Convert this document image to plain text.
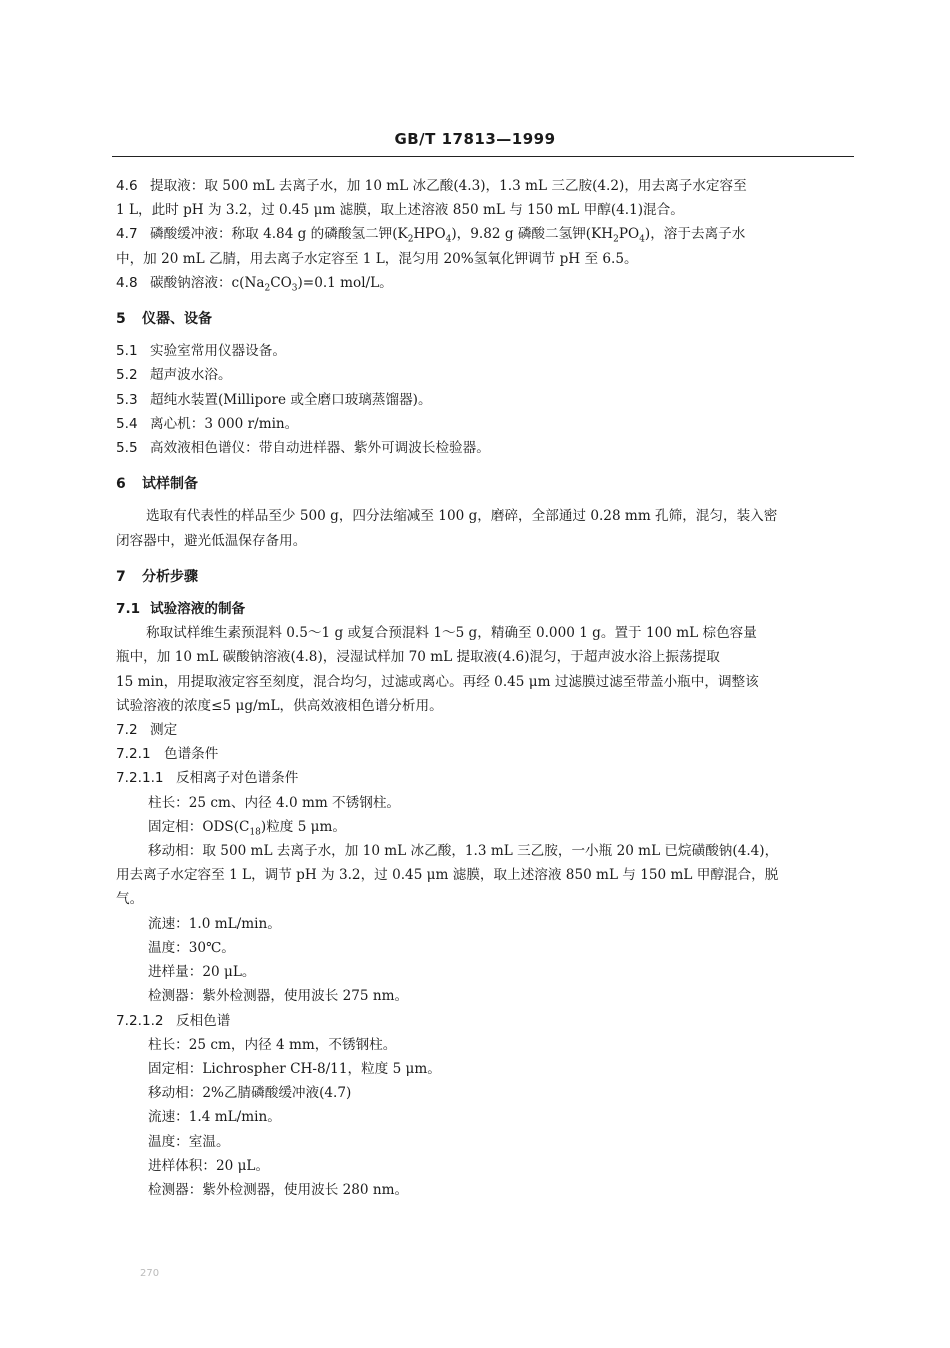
GB/T 17813—1999

4.6 提取液：取 500 mL 去离子水，加 10 mL 冰乙酸(4.3)，1.3 mL 三乙胺(4.2)，用去离子水定容至

1 L，此时 pH 为 3.2，过 0.45 μm 滤膜，取上述溶液 850 mL 与 150 mL 甲醇(4.1)混合。

4.7 磷酸缓冲液：称取 4.84 g 的磷酸氢二钾$(K_2HPO_4)$，9.82 g 磷酸二氢钾$(KH_2PO_4)$，溶于去离子水

中，加 20 mL 乙腈，用去离子水定容至 1 L，混匀用 20%氢氧化钾调节 pH 至 6.5。

4.8 碳酸钠溶液：$c(Na_2CO_3)=0.1$ mol/L。

5 仪器、设备

5.1 实验室常用仪器设备。

5.2 超声波水浴。

5.3 超纯水装置(Millipore 或全磨口玻璃蒸馏器)。

5.4 离心机：3 000 r/min。

5.5 高效液相色谱仪：带自动进样器、紫外可调波长检验器。

6 试样制备

选取有代表性的样品至少 500 g，四分法缩减至 100 g，磨碎，全部通过 0.28 mm 孔筛，混匀，装入密

闭容器中，避光低温保存备用。

7 分析步骤

7.1 试验溶液的制备

称取试样维生素预混料 0.5～1 g 或复合预混料 1～5 g，精确至 0.000 1 g。置于 100 mL 棕色容量

瓶中，加 10 mL 碳酸钠溶液(4.8)，浸湿试样加 70 mL 提取液(4.6)混匀，于超声波水浴上振荡提取

15 min，用提取液定容至刻度，混合均匀，过滤或离心。再经 0.45 μm 过滤膜过滤至带盖小瓶中，调整该

试验溶液的浓度≤5 μg/mL，供高效液相色谱分析用。

7.2 测定

7.2.1 色谱条件

7.2.1.1 反相离子对色谱条件

柱长：25 cm、内径 4.0 mm 不锈钢柱。

固定相：$ODS(C_{18})$粒度 5 μm。

移动相：取 500 mL 去离子水，加 10 mL 冰乙酸，1.3 mL 三乙胺，一小瓶 20 mL 已烷磺酸钠(4.4)，

用去离子水定容至 1 L，调节 pH 为 3.2，过 0.45 μm 滤膜，取上述溶液 850 mL 与 150 mL 甲醇混合，脱

气。

流速：1.0 mL/min。

温度：30℃。

进样量：20 μL。

检测器：紫外检测器，使用波长 275 nm。

7.2.1.2 反相色谱

柱长：25 cm，内径 4 mm，不锈钢柱。

固定相：Lichrospher CH-8/11，粒度 5 μm。

移动相：2%乙腈磷酸缓冲液(4.7)

流速：1.4 mL/min。

温度：室温。

进样体积：20 μL。

检测器：紫外检测器，使用波长 280 nm。

270
